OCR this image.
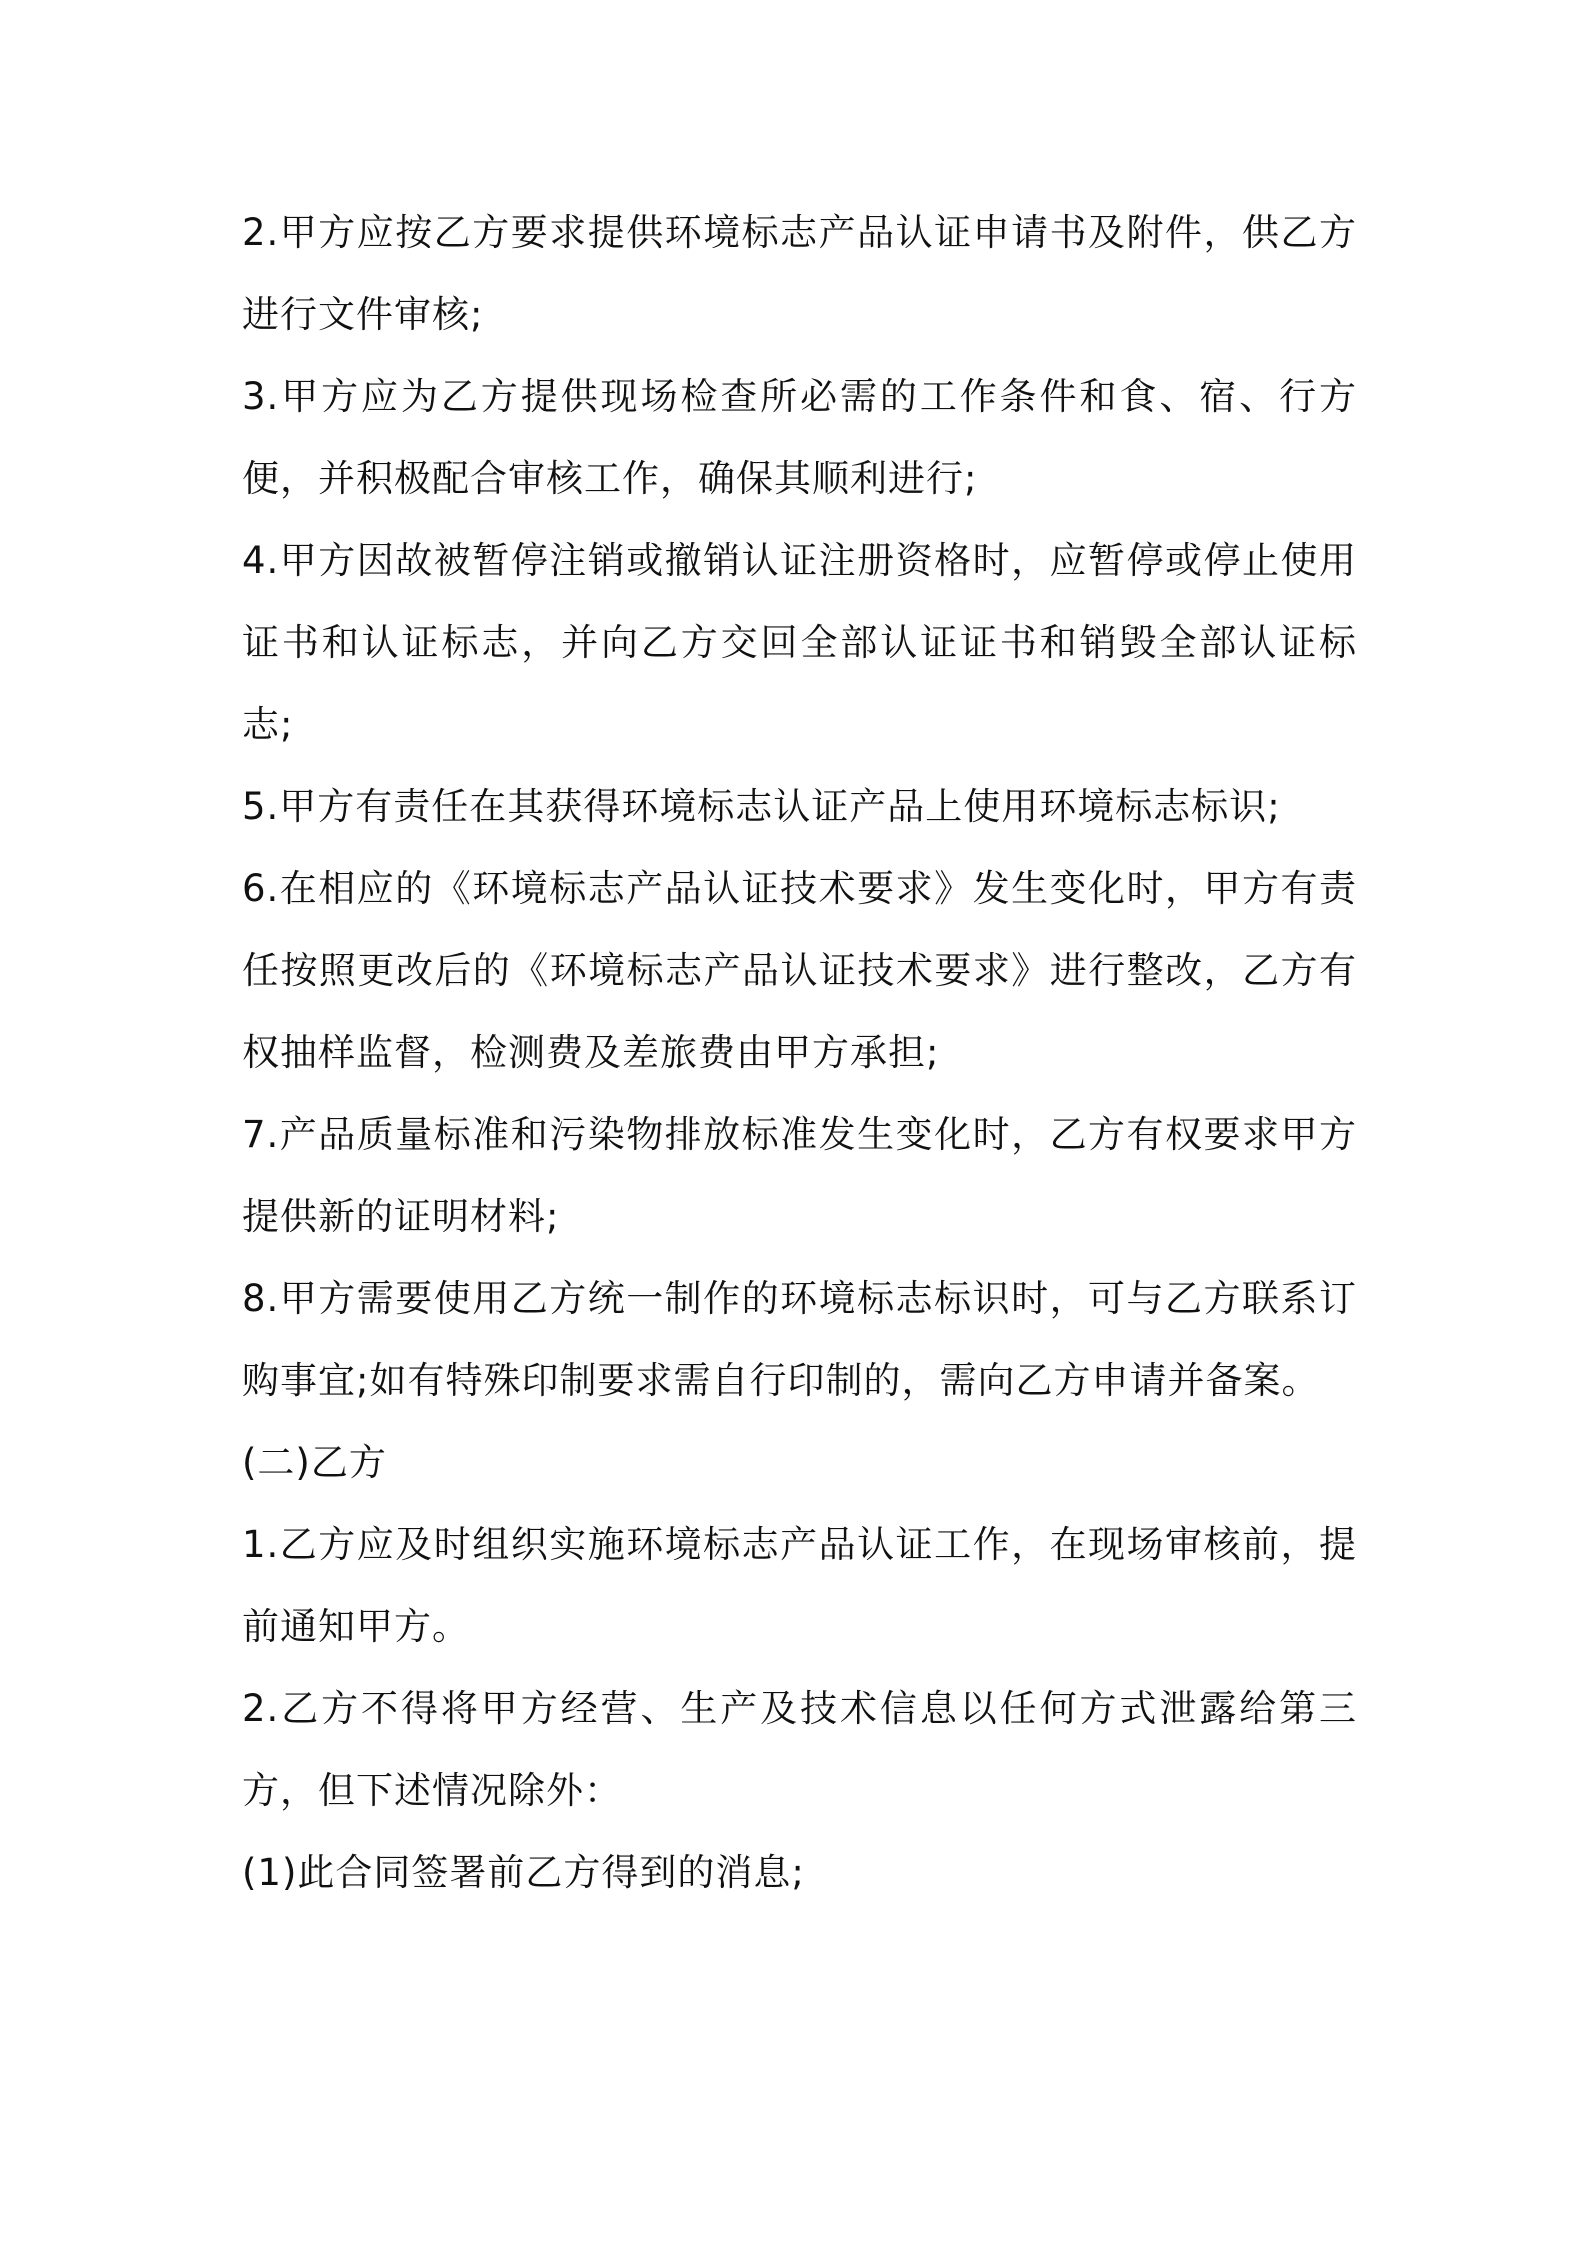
2.甲方应按乙方要求提供环境标志产品认证申请书及附件，供乙方进行文件审核;

3.甲方应为乙方提供现场检查所必需的工作条件和食、宿、行方便，并积极配合审核工作，确保其顺利进行;

4.甲方因故被暂停注销或撤销认证注册资格时，应暂停或停止使用证书和认证标志，并向乙方交回全部认证证书和销毁全部认证标志;

5.甲方有责任在其获得环境标志认证产品上使用环境标志标识;

6.在相应的《环境标志产品认证技术要求》发生变化时，甲方有责任按照更改后的《环境标志产品认证技术要求》进行整改，乙方有权抽样监督，检测费及差旅费由甲方承担;

7.产品质量标准和污染物排放标准发生变化时，乙方有权要求甲方提供新的证明材料;

8.甲方需要使用乙方统一制作的环境标志标识时，可与乙方联系订购事宜;如有特殊印制要求需自行印制的，需向乙方申请并备案。

(二)乙方

1.乙方应及时组织实施环境标志产品认证工作，在现场审核前，提前通知甲方。

2.乙方不得将甲方经营、生产及技术信息以任何方式泄露给第三方，但下述情况除外：

(1)此合同签署前乙方得到的消息;
